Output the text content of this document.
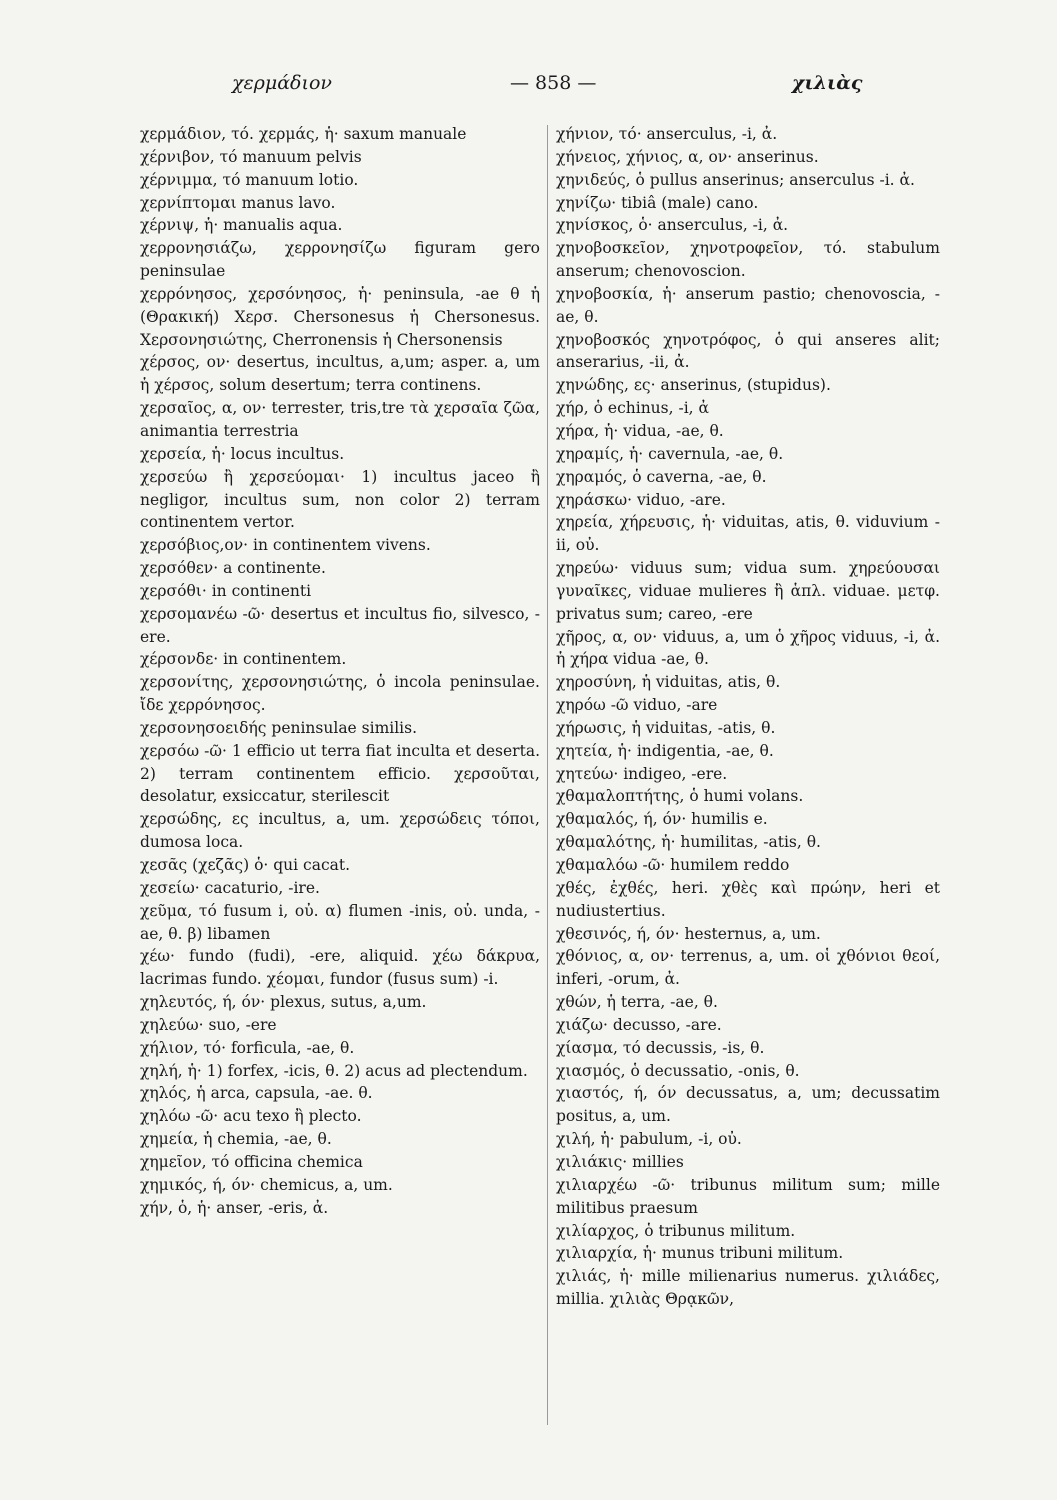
χερμάδιον	— 858 —	χιλιὰς

χερμάδιον, τό. χερμάς, ἡ· saxum manuale

χέρνιβον, τό manuum pelvis

χέρνιμμα, τό manuum lotio.

χερνίπτομαι manus lavo.

χέρνιψ, ἡ· manualis aqua.

χερρονησιάζω, χερρονησίζω figuram gero peninsulae

χερρόνησος, χερσόνησος, ἡ· peninsula, -ae θ ἡ (Θρακική) Χερσ. Chersonesus ἡ Chersonesus. Χερσονησιώτης, Cherronensis ἡ Chersonensis

χέρσος, ον· desertus, incultus, a,um; asper. a, um ἡ χέρσος, solum desertum; terra continens.

χερσαῖος, α, ον· terrester, tris,tre τὰ χερσαῖα ζῶα, animantia terrestria

χερσεία, ἡ· locus incultus.

χερσεύω ἢ χερσεύομαι· 1) incultus jaceo ἢ negligor, incultus sum, non color 2) terram continentem vertor.

χερσόβιος,ον· in continentem vivens.

χερσόθεν· a continente.

χερσόθι· in continenti

χερσομανέω -ῶ· desertus et incultus fio, silvesco, -ere.

χέρσονδε· in continentem.

χερσονίτης, χερσονησιώτης, ὁ incola peninsulae. ἴδε χερρόνησος.

χερσονησοειδής peninsulae similis.

χερσόω -ῶ· 1 efficio ut terra fiat inculta et deserta. 2) terram continentem efficio. χερσοῦται, desolatur, exsiccatur, sterilescit

χερσώδης, ες incultus, a, um. χερσώδεις τόποι, dumosa loca.

χεσᾶς (χεζᾶς) ὁ· qui cacat.

χεσείω· cacaturio, -ire.

χεῦμα, τό fusum i, οὐ. α) flumen -inis, οὐ. unda, -ae, θ. β) libamen

χέω· fundo (fudi), -ere, aliquid. χέω δάκρυα, lacrimas fundo. χέομαι, fundor (fusus sum) -i.

χηλευτός, ή, όν· plexus, sutus, a,um.

χηλεύω· suo, -ere

χήλιον, τό· forficula, -ae, θ.

χηλή, ἡ· 1) forfex, -icis, θ. 2) acus ad plectendum.

χηλός, ἡ arca, capsula, -ae. θ.

χηλόω -ῶ· acu texo ἢ plecto.

χημεία, ἡ chemia, -ae, θ.

χημεῖον, τό officina chemica

χημικός, ή, όν· chemicus, a, um.

χήν, ὁ, ἡ· anser, -eris, ἀ.

χήνιον, τό· anserculus, -i, ἀ.

χήνειος, χήνιος, α, ον· anserinus.

χηνιδεύς, ὁ pullus anserinus; anserculus -i. ἀ.

χηνίζω· tibiâ (male) cano.

χηνίσκος, ὁ· anserculus, -i, ἀ.

χηνοβοσκεῖον, χηνοτροφεῖον, τό. stabulum anserum; chenovoscion.

χηνοβοσκία, ἡ· anserum pastio; chenovoscia, -ae, θ.

χηνοβοσκός χηνοτρόφος, ὁ qui anseres alit; anserarius, -ii, ἀ.

χηνώδης, ες· anserinus, (stupidus).

χήρ, ὁ echinus, -i, ἀ

χήρα, ἡ· vidua, -ae, θ.

χηραμίς, ἡ· cavernula, -ae, θ.

χηραμός, ὁ caverna, -ae, θ.

χηράσκω· viduo, -are.

χηρεία, χήρευσις, ἡ· viduitas, atis, θ. viduvium -ii, οὐ.

χηρεύω· viduus sum; vidua sum. χηρεύουσαι γυναῖκες, viduae mulieres ἢ ἁπλ. viduae. μετφ. privatus sum; careo, -ere

χῆρος, α, ον· viduus, a, um ὁ χῆρος viduus, -i, ἀ. ἡ χήρα vidua -ae, θ.

χηροσύνη, ἡ viduitas, atis, θ.

χηρόω -ῶ viduo, -are

χήρωσις, ἡ viduitas, -atis, θ.

χητεία, ἡ· indigentia, -ae, θ.

χητεύω· indigeo, -ere.

χθαμαλοπτήτης, ὁ humi volans.

χθαμαλός, ή, όν· humilis e.

χθαμαλότης, ἡ· humilitas, -atis, θ.

χθαμαλόω -ῶ· humilem reddo

χθές, ἐχθές, heri. χθὲς καὶ πρώην, heri et nudiustertius.

χθεσινός, ή, όν· hesternus, a, um.

χθόνιος, α, ον· terrenus, a, um. οἱ χθόνιοι θεοί, inferi, -orum, ἀ.

χθών, ἡ terra, -ae, θ.

χιάζω· decusso, -are.

χίασμα, τό decussis, -is, θ.

χιασμός, ὁ decussatio, -onis, θ.

χιαστός, ή, όν decussatus, a, um; decussatim positus, a, um.

χιλή, ἡ· pabulum, -i, οὐ.

χιλιάκις· millies

χιλιαρχέω -ῶ· tribunus militum sum; mille militibus praesum

χιλίαρχος, ὁ tribunus militum.

χιλιαρχία, ἡ· munus tribuni militum.

χιλιάς, ἡ· mille milienarius numerus. χιλιάδες, millia. χιλιὰς Θρᾳκῶν,
